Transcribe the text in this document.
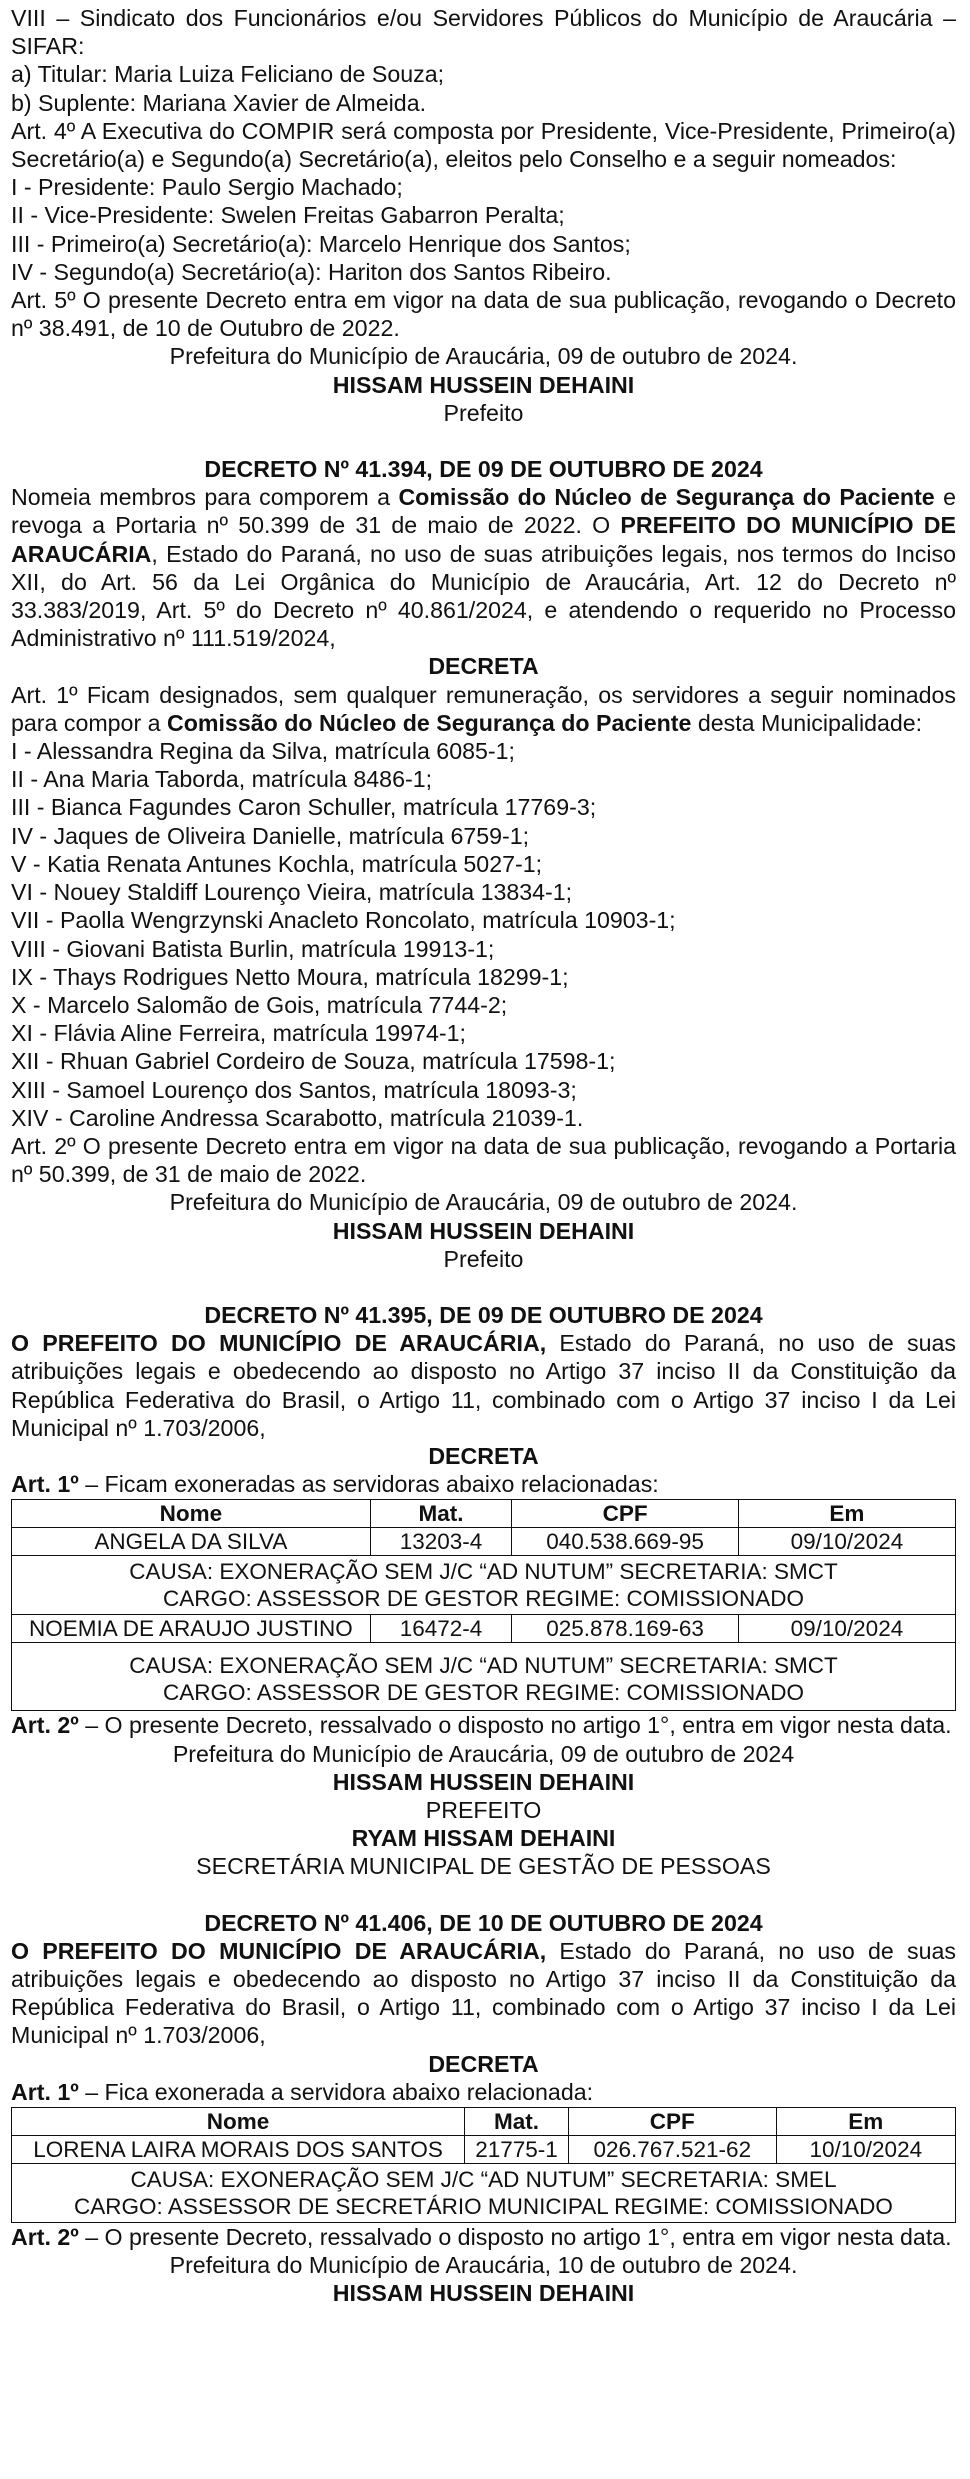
VIII – Sindicato dos Funcionários e/ou Servidores Públicos do Município de Araucária – SIFAR:

a) Titular: Maria Luiza Feliciano de Souza;

b) Suplente: Mariana Xavier de Almeida.

Art. 4º A Executiva do COMPIR será composta por Presidente, Vice-Presidente, Primeiro(a) Secretário(a) e Segundo(a) Secretário(a), eleitos pelo Conselho e a seguir nomeados:

I - Presidente: Paulo Sergio Machado;

II - Vice-Presidente: Swelen Freitas Gabarron Peralta;

III - Primeiro(a) Secretário(a): Marcelo Henrique dos Santos;

IV - Segundo(a) Secretário(a): Hariton dos Santos Ribeiro.

Art. 5º O presente Decreto entra em vigor na data de sua publicação, revogando o Decreto nº 38.491, de 10 de Outubro de 2022.

Prefeitura do Município de Araucária, 09 de outubro de 2024.

HISSAM HUSSEIN DEHAINI

Prefeito

DECRETO Nº 41.394, DE 09 DE OUTUBRO DE 2024

Nomeia membros para comporem a Comissão do Núcleo de Segurança do Paciente e revoga a Portaria nº 50.399 de 31 de maio de 2022. O PREFEITO DO MUNICÍPIO DE ARAUCÁRIA, Estado do Paraná, no uso de suas atribuições legais, nos termos do Inciso XII, do Art. 56 da Lei Orgânica do Município de Araucária, Art. 12 do Decreto nº 33.383/2019, Art. 5º do Decreto nº 40.861/2024, e atendendo o requerido no Processo Administrativo nº 111.519/2024,

DECRETA

Art. 1º Ficam designados, sem qualquer remuneração, os servidores a seguir nominados para compor a Comissão do Núcleo de Segurança do Paciente desta Municipalidade:

I - Alessandra Regina da Silva, matrícula 6085-1;

II - Ana Maria Taborda, matrícula 8486-1;

III - Bianca Fagundes Caron Schuller, matrícula 17769-3;

IV - Jaques de Oliveira Danielle, matrícula 6759-1;

V - Katia Renata Antunes Kochla, matrícula 5027-1;

VI - Nouey Staldiff Lourenço Vieira, matrícula 13834-1;

VII - Paolla Wengrzynski Anacleto Roncolato, matrícula 10903-1;

VIII - Giovani Batista Burlin, matrícula 19913-1;

IX - Thays Rodrigues Netto Moura, matrícula 18299-1;

X - Marcelo Salomão de Gois, matrícula 7744-2;

XI - Flávia Aline Ferreira, matrícula 19974-1;

XII - Rhuan Gabriel Cordeiro de Souza, matrícula 17598-1;

XIII - Samoel Lourenço dos Santos, matrícula 18093-3;

XIV - Caroline Andressa Scarabotto, matrícula 21039-1.

Art. 2º O presente Decreto entra em vigor na data de sua publicação, revogando a Portaria nº 50.399, de 31 de maio de 2022.

Prefeitura do Município de Araucária, 09 de outubro de 2024.

HISSAM HUSSEIN DEHAINI

Prefeito

DECRETO Nº 41.395, DE 09 DE OUTUBRO DE 2024

O PREFEITO DO MUNICÍPIO DE ARAUCÁRIA, Estado do Paraná, no uso de suas atribuições legais e obedecendo ao disposto no Artigo 37 inciso II da Constituição da República Federativa do Brasil, o Artigo 11, combinado com o Artigo 37 inciso I da Lei Municipal nº 1.703/2006,

DECRETA

Art. 1º – Ficam exoneradas as servidoras abaixo relacionadas:

Nome	Mat.	CPF	Em
ANGELA DA SILVA	13203-4	040.538.669-95	09/10/2024

CAUSA: EXONERAÇÃO SEM J/C “AD NUTUM” SECRETARIA: SMCT
CARGO: ASSESSOR DE GESTOR REGIME: COMISSIONADO			

NOEMIA DE ARAUJO JUSTINO	16472-4	025.878.169-63	09/10/2024

CAUSA: EXONERAÇÃO SEM J/C “AD NUTUM” SECRETARIA: SMCT
CARGO: ASSESSOR DE GESTOR REGIME: COMISSIONADO			

Art. 2º – O presente Decreto, ressalvado o disposto no artigo 1°, entra em vigor nesta data.

Prefeitura do Município de Araucária, 09 de outubro de 2024

HISSAM HUSSEIN DEHAINI

PREFEITO

RYAM HISSAM DEHAINI

SECRETÁRIA MUNICIPAL DE GESTÃO DE PESSOAS

DECRETO Nº 41.406, DE 10 DE OUTUBRO DE 2024

O PREFEITO DO MUNICÍPIO DE ARAUCÁRIA, Estado do Paraná, no uso de suas atribuições legais e obedecendo ao disposto no Artigo 37 inciso II da Constituição da República Federativa do Brasil, o Artigo 11, combinado com o Artigo 37 inciso I da Lei Municipal nº 1.703/2006,

DECRETA

Art. 1º – Fica exonerada a servidora abaixo relacionada:

Nome	Mat.	CPF	Em
LORENA LAIRA MORAIS DOS SANTOS	21775-1	026.767.521-62	10/10/2024

CAUSA: EXONERAÇÃO SEM J/C “AD NUTUM” SECRETARIA: SMEL
CARGO: ASSESSOR DE SECRETÁRIO MUNICIPAL REGIME: COMISSIONADO			

Art. 2º – O presente Decreto, ressalvado o disposto no artigo 1°, entra em vigor nesta data.

Prefeitura do Município de Araucária, 10 de outubro de 2024.

HISSAM HUSSEIN DEHAINI
